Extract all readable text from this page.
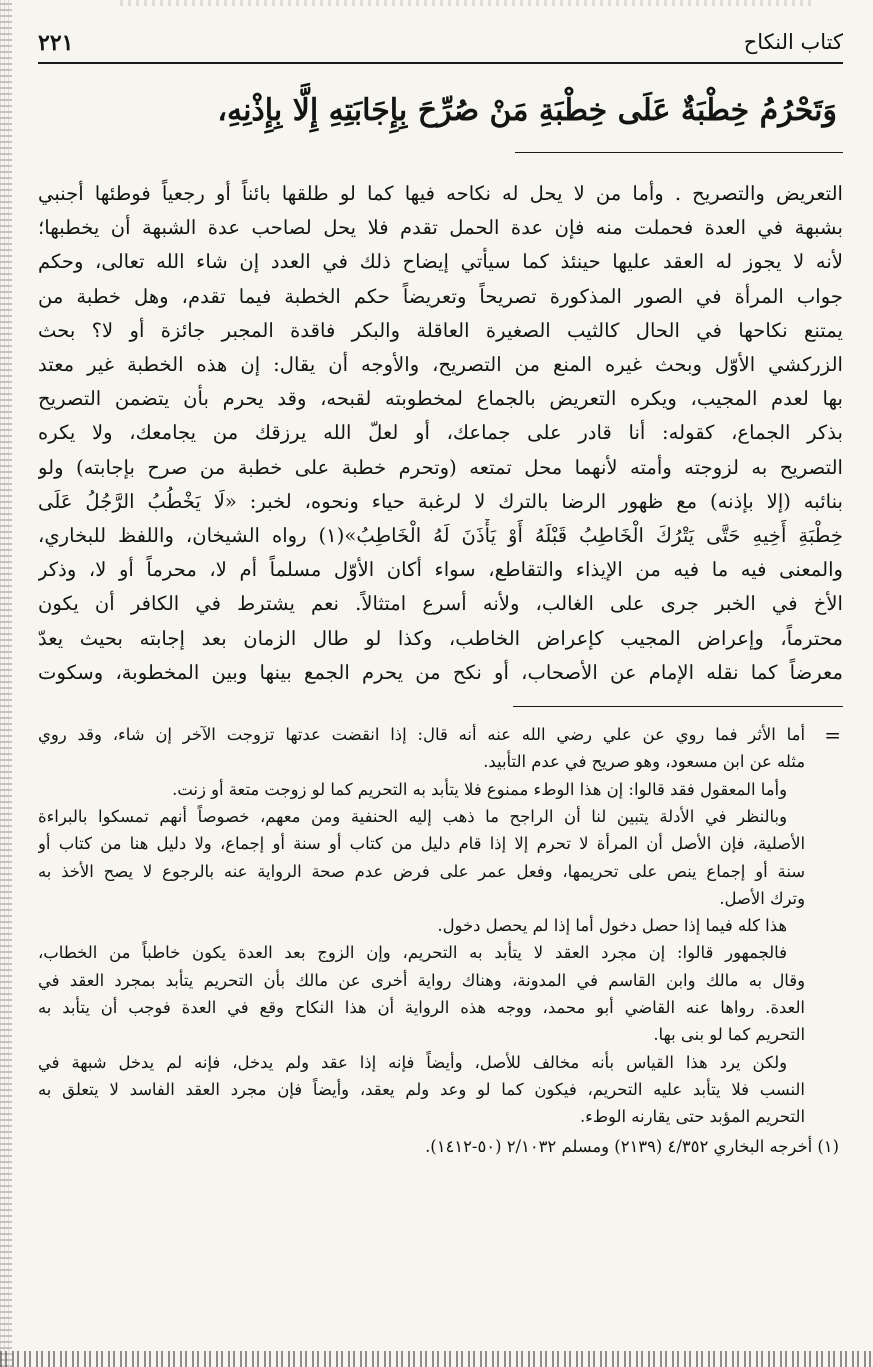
كتاب النكاح
٢٢١
وَتَحْرُمُ خِطْبَةٌ عَلَى خِطْبَةِ مَنْ صُرِّحَ بِإِجَابَتِهِ إِلَّا بِإِذْنِهِ،
التعريض والتصريح . وأما من لا يحل له نكاحه فيها كما لو طلقها بائناً أو رجعياً فوطئها أجنبي
بشبهة في العدة فحملت منه فإن عدة الحمل تقدم فلا يحل لصاحب عدة الشبهة أن يخطبها؛
لأنه لا يجوز له العقد عليها حينئذ كما سيأتي إيضاح ذلك في العدد إن شاء الله تعالى، وحكم
جواب المرأة في الصور المذكورة تصريحاً وتعريضاً حكم الخطبة فيما تقدم، وهل خطبة من
يمتنع نكاحها في الحال كالثيب الصغيرة العاقلة والبكر فاقدة المجبر جائزة أو لا؟ بحث
الزركشي الأوّل وبحث غيره المنع من التصريح، والأوجه أن يقال: إن هذه الخطبة غير معتد
بها لعدم المجيب، ويكره التعريض بالجماع لمخطوبته لقبحه، وقد يحرم بأن يتضمن التصريح
بذكر الجماع، كقوله: أنا قادر على جماعك، أو لعلّ الله يرزقك من يجامعك، ولا يكره
التصريح به لزوجته وأمته لأنهما محل تمتعه (وتحرم خطبة على خطبة من صرح بإجابته) ولو
بنائبه (إلا بإذنه) مع ظهور الرضا بالترك لا لرغبة حياء ونحوه، لخبر: «لَا يَخْطُبُ الرَّجُلُ عَلَى
خِطْبَةِ أَخِيهِ حَتَّى يَتْرُكَ الْخَاطِبُ قَبْلَهُ أَوْ يَأْذَنَ لَهُ الْخَاطِبُ»(١) رواه الشيخان، واللفظ للبخاري،
والمعنى فيه ما فيه من الإيذاء والتقاطع، سواء أكان الأوّل مسلماً أم لا، محرماً أو لا، وذكر
الأخ في الخبر جرى على الغالب، ولأنه أسرع امتثالاً. نعم يشترط في الكافر أن يكون
محترماً، وإعراض المجيب كإعراض الخاطب، وكذا لو طال الزمان بعد إجابته بحيث يعدّ
معرضاً كما نقله الإمام عن الأصحاب، أو نكح من يحرم الجمع بينها وبين المخطوبة، وسكوت
=
أما الأثر فما روي عن علي رضي الله عنه أنه قال: إذا انقضت عدتها تزوجت الآخر إن شاء، وقد روي
مثله عن ابن مسعود، وهو صريح في عدم التأبيد.
وأما المعقول فقد قالوا: إن هذا الوطء ممنوع فلا يتأبد به التحريم كما لو زوجت متعة أو زنت.
وبالنظر في الأدلة يتبين لنا أن الراجح ما ذهب إليه الحنفية ومن معهم، خصوصاً أنهم تمسكوا بالبراءة
الأصلية، فإن الأصل أن المرأة لا تحرم إلا إذا قام دليل من كتاب أو سنة أو إجماع، ولا دليل هنا من كتاب أو
سنة أو إجماع ينص على تحريمها، وفعل عمر على فرض عدم صحة الرواية عنه بالرجوع لا يصح الأخذ به
وترك الأصل.
هذا كله فيما إذا حصل دخول أما إذا لم يحصل دخول.
فالجمهور قالوا: إن مجرد العقد لا يتأبد به التحريم، وإن الزوج بعد العدة يكون خاطباً من الخطاب،
وقال به مالك وابن القاسم في المدونة، وهناك رواية أخرى عن مالك بأن التحريم يتأبد بمجرد العقد في
العدة. رواها عنه القاضي أبو محمد، ووجه هذه الرواية أن هذا النكاح وقع في العدة فوجب أن يتأبد به
التحريم كما لو بنى بها.
ولكن يرد هذا القياس بأنه مخالف للأصل، وأيضاً فإنه إذا عقد ولم يدخل، فإنه لم يدخل شبهة في
النسب فلا يتأبد عليه التحريم، فيكون كما لو وعد ولم يعقد، وأيضاً فإن مجرد العقد الفاسد لا يتعلق به
التحريم المؤبد حتى يقارنه الوطء.
(١) أخرجه البخاري ٤/٣٥٢ (٢١٣٩) ومسلم ٢/١٠٣٢ (٥٠-١٤١٢).
